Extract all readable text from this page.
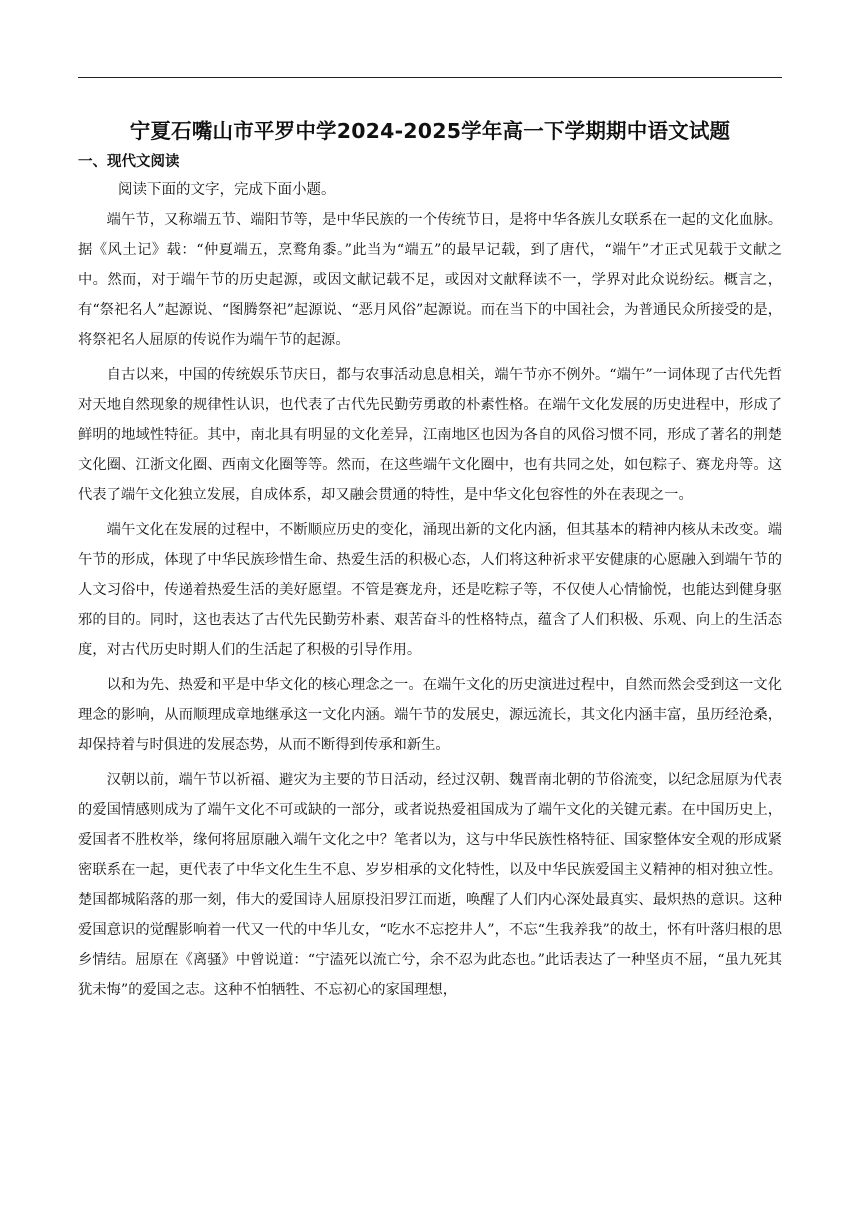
宁夏石嘴山市平罗中学2024-2025学年高一下学期期中语文试题
一、现代文阅读
阅读下面的文字，完成下面小题。

端午节，又称端五节、端阳节等，是中华民族的一个传统节日，是将中华各族儿女联系在一起的文化血脉。据《风土记》载：“仲夏端五，烹鹜角黍。”此当为“端五”的最早记载，到了唐代，“端午”才正式见载于文献之中。然而，对于端午节的历史起源，或因文献记载不足，或因对文献释读不一，学界对此众说纷纭。概言之，有“祭祀名人”起源说、“图腾祭祀”起源说、“恶月风俗”起源说。而在当下的中国社会，为普通民众所接受的是，将祭祀名人屈原的传说作为端午节的起源。

自古以来，中国的传统娱乐节庆日，都与农事活动息息相关，端午节亦不例外。“端午”一词体现了古代先哲对天地自然现象的规律性认识，也代表了古代先民勤劳勇敢的朴素性格。在端午文化发展的历史进程中，形成了鲜明的地域性特征。其中，南北具有明显的文化差异，江南地区也因为各自的风俗习惯不同，形成了著名的荆楚文化圈、江浙文化圈、西南文化圈等等。然而，在这些端午文化圈中，也有共同之处，如包粽子、赛龙舟等。这代表了端午文化独立发展，自成体系，却又融会贯通的特性，是中华文化包容性的外在表现之一。

端午文化在发展的过程中，不断顺应历史的变化，涌现出新的文化内涵，但其基本的精神内核从未改变。端午节的形成，体现了中华民族珍惜生命、热爱生活的积极心态，人们将这种祈求平安健康的心愿融入到端午节的人文习俗中，传递着热爱生活的美好愿望。不管是赛龙舟，还是吃粽子等，不仅使人心情愉悦，也能达到健身驱邪的目的。同时，这也表达了古代先民勤劳朴素、艰苦奋斗的性格特点，蕴含了人们积极、乐观、向上的生活态度，对古代历史时期人们的生活起了积极的引导作用。

以和为先、热爱和平是中华文化的核心理念之一。在端午文化的历史演进过程中，自然而然会受到这一文化理念的影响，从而顺理成章地继承这一文化内涵。端午节的发展史，源远流长，其文化内涵丰富，虽历经沧桑，却保持着与时俱进的发展态势，从而不断得到传承和新生。

汉朝以前，端午节以祈福、避灾为主要的节日活动，经过汉朝、魏晋南北朝的节俗流变，以纪念屈原为代表的爱国情感则成为了端午文化不可或缺的一部分，或者说热爱祖国成为了端午文化的关键元素。在中国历史上，爱国者不胜枚举，缘何将屈原融入端午文化之中？笔者以为，这与中华民族性格特征、国家整体安全观的形成紧密联系在一起，更代表了中华文化生生不息、岁岁相承的文化特性，以及中华民族爱国主义精神的相对独立性。楚国都城陷落的那一刻，伟大的爱国诗人屈原投汨罗江而逝，唤醒了人们内心深处最真实、最炽热的意识。这种爱国意识的觉醒影响着一代又一代的中华儿女，“吃水不忘挖井人”，不忘“生我养我”的故土，怀有叶落归根的思乡情结。屈原在《离骚》中曾说道：“宁溘死以流亡兮，余不忍为此态也。”此话表达了一种坚贞不屈，“虽九死其犹未悔”的爱国之志。这种不怕牺牲、不忘初心的家国理想，
